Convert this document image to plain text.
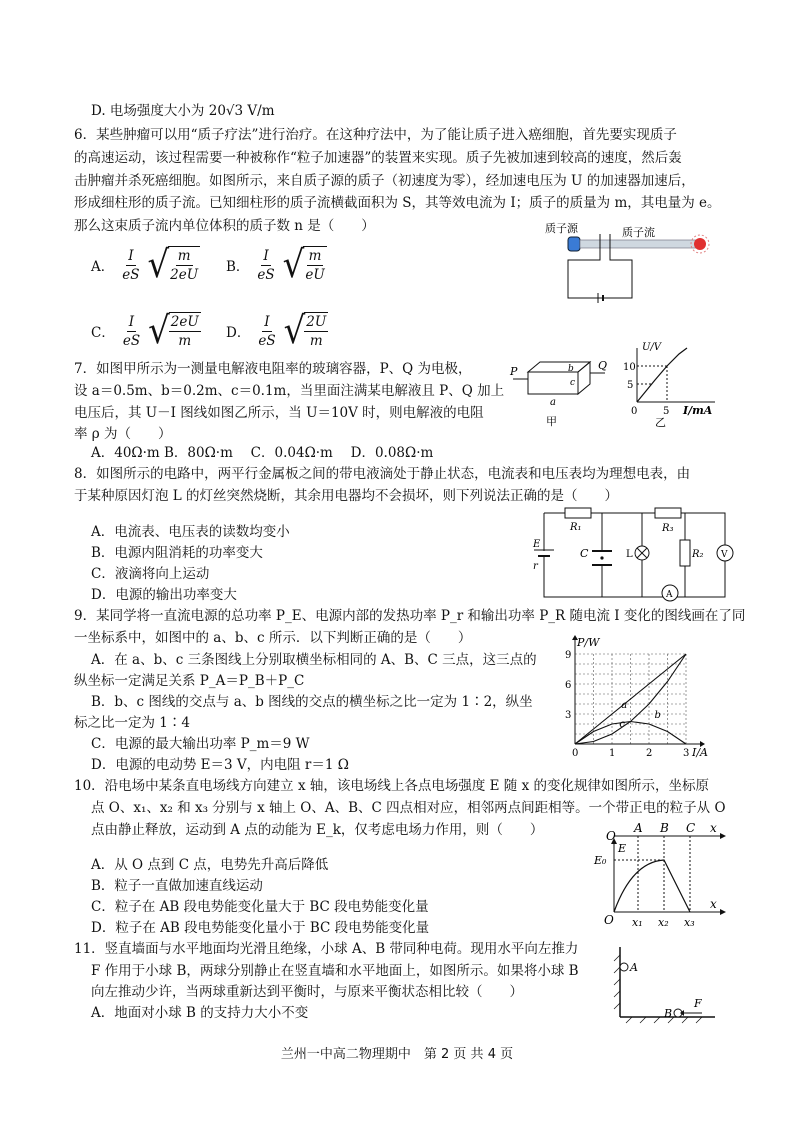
D. 电场强度大小为 20√3 V/m
6．某些肿瘤可以用“质子疗法”进行治疗。在这种疗法中，为了能让质子进入癌细胞，首先要实现质子
的高速运动，该过程需要一种被称作“粒子加速器”的装置来实现。质子先被加速到较高的速度，然后轰
击肿瘤并杀死癌细胞。如图所示，来自质子源的质子（初速度为零），经加速电压为 U 的加速器加速后，
形成细柱形的质子流。已知细柱形的质子流横截面积为 S，其等效电流为 I；质子的质量为 m，其电量为 e。
那么这束质子流内单位体积的质子数 n 是（　　）
A． $\frac{I}{eS}$ √ $\frac{m}{2eU}$ B． $\frac{I}{eS}$ √ $\frac{m}{eU}$
C． $\frac{I}{eS}$ √ $\frac{2eU}{m}$ D． $\frac{I}{eS}$ √ $\frac{2U}{m}$
质子源	质子流
7．如图甲所示为一测量电解液电阻率的玻璃容器，P、Q 为电极，
设 a＝0.5m、b＝0.2m、c＝0.1m，当里面注满某电解液且 P、Q 加上
电压后，其 U－I 图线如图乙所示，当 U＝10V 时，则电解液的电阻
率 ρ 为（　　）
A．40Ω·m B．80Ω·m　 C．0.04Ω·m　 D．0.08Ω·m
P	Q
b
c
a
甲
U/V
10
5
5
0	I/mA
乙
8．如图所示的电路中，两平行金属板之间的带电液滴处于静止状态，电流表和电压表均为理想电表，由
于某种原因灯泡 L 的灯丝突然烧断，其余用电器均不会损坏，则下列说法正确的是（　　）
A．电流表、电压表的读数均变小
B．电源内阻消耗的功率变大
C．液滴将向上运动
D．电源的输出功率变大
E
r
C
R₁	R₃
L	R₂ V
A
9．某同学将一直流电源的总功率 P_E、电源内部的发热功率 P_r 和输出功率 P_R 随电流 I 变化的图线画在了同
一坐标系中，如图中的 a、b、c 所示．以下判断正确的是（　　）
A．在 a、b、c 三条图线上分别取横坐标相同的 A、B、C 三点，这三点的
纵坐标一定满足关系 P_A＝P_B＋P_C
B．b、c 图线的交点与 a、b 图线的交点的横坐标之比一定为 1∶2，纵坐
标之比一定为 1∶4
C．电源的最大输出功率 P_m＝9 W
D．电源的电动势 E＝3 V，内电阻 r＝1 Ω
a
b
c
0	1	2	3
3
6
9
P/W
I/A
10．沿电场中某条直电场线方向建立 x 轴，该电场线上各点电场强度 E 随 x 的变化规律如图所示，坐标原
点 O、x₁、x₂ 和 x₃ 分别与 x 轴上 O、A、B、C 四点相对应，相邻两点间距相等。一个带正电的粒子从 O
点由静止释放，运动到 A 点的动能为 E_k，仅考虑电场力作用，则（　　）
A．从 O 点到 C 点，电势先升高后降低
B．粒子一直做加速直线运动
C．粒子在 AB 段电势能变化量大于 BC 段电势能变化量
D．粒子在 AB 段电势能变化量小于 BC 段电势能变化量
O
A B C x
E
E₀
O x₁ x₂ x₃
x
11．竖直墙面与水平地面均光滑且绝缘，小球 A、B 带同种电荷。现用水平向左推力
F 作用于小球 B，两球分别静止在竖直墙和水平地面上，如图所示。如果将小球 B
向左推动少许，当两球重新达到平衡时，与原来平衡状态相比较（　　）
A．地面对小球 B 的支持力大小不变
A
B
F
兰州一中高二物理期中　第 2 页 共 4 页
